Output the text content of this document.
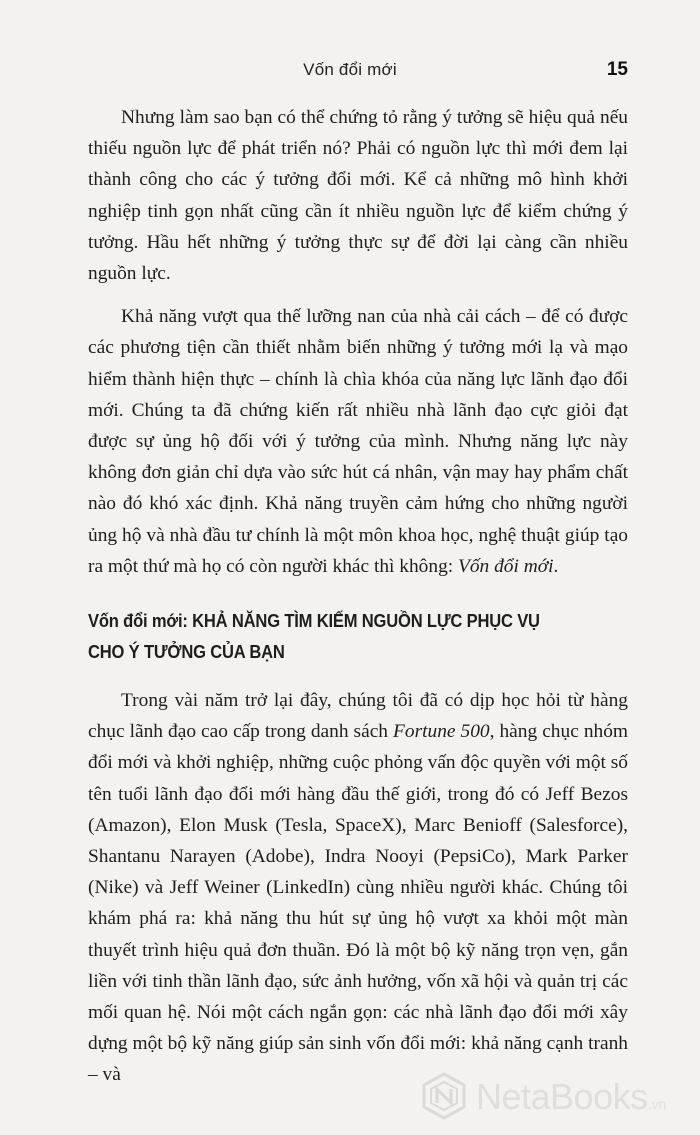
Vốn đổi mới	15

Nhưng làm sao bạn có thể chứng tỏ rằng ý tưởng sẽ hiệu quả nếu thiếu nguồn lực để phát triển nó? Phải có nguồn lực thì mới đem lại thành công cho các ý tưởng đổi mới. Kể cả những mô hình khởi nghiệp tinh gọn nhất cũng cần ít nhiều nguồn lực để kiểm chứng ý tưởng. Hầu hết những ý tưởng thực sự để đời lại càng cần nhiều nguồn lực.

Khả năng vượt qua thế lưỡng nan của nhà cải cách – để có được các phương tiện cần thiết nhằm biến những ý tưởng mới lạ và mạo hiểm thành hiện thực – chính là chìa khóa của năng lực lãnh đạo đổi mới. Chúng ta đã chứng kiến rất nhiều nhà lãnh đạo cực giỏi đạt được sự ủng hộ đối với ý tưởng của mình. Nhưng năng lực này không đơn giản chỉ dựa vào sức hút cá nhân, vận may hay phẩm chất nào đó khó xác định. Khả năng truyền cảm hứng cho những người ủng hộ và nhà đầu tư chính là một môn khoa học, nghệ thuật giúp tạo ra một thứ mà họ có còn người khác thì không: Vốn đổi mới.

Vốn đổi mới: KHẢ NĂNG TÌM KIẾM NGUỒN LỰC PHỤC VỤ
CHO Ý TƯỞNG CỦA BẠN

Trong vài năm trở lại đây, chúng tôi đã có dịp học hỏi từ hàng chục lãnh đạo cao cấp trong danh sách Fortune 500, hàng chục nhóm đổi mới và khởi nghiệp, những cuộc phỏng vấn độc quyền với một số tên tuổi lãnh đạo đổi mới hàng đầu thế giới, trong đó có Jeff Bezos (Amazon), Elon Musk (Tesla, SpaceX), Marc Benioff (Salesforce), Shantanu Narayen (Adobe), Indra Nooyi (PepsiCo), Mark Parker (Nike) và Jeff Weiner (LinkedIn) cùng nhiều người khác. Chúng tôi khám phá ra: khả năng thu hút sự ủng hộ vượt xa khỏi một màn thuyết trình hiệu quả đơn thuần. Đó là một bộ kỹ năng trọn vẹn, gắn liền với tinh thần lãnh đạo, sức ảnh hưởng, vốn xã hội và quản trị các mối quan hệ. Nói một cách ngắn gọn: các nhà lãnh đạo đổi mới xây dựng một bộ kỹ năng giúp sản sinh vốn đổi mới: khả năng cạnh tranh – và

NetaBooks.vn
